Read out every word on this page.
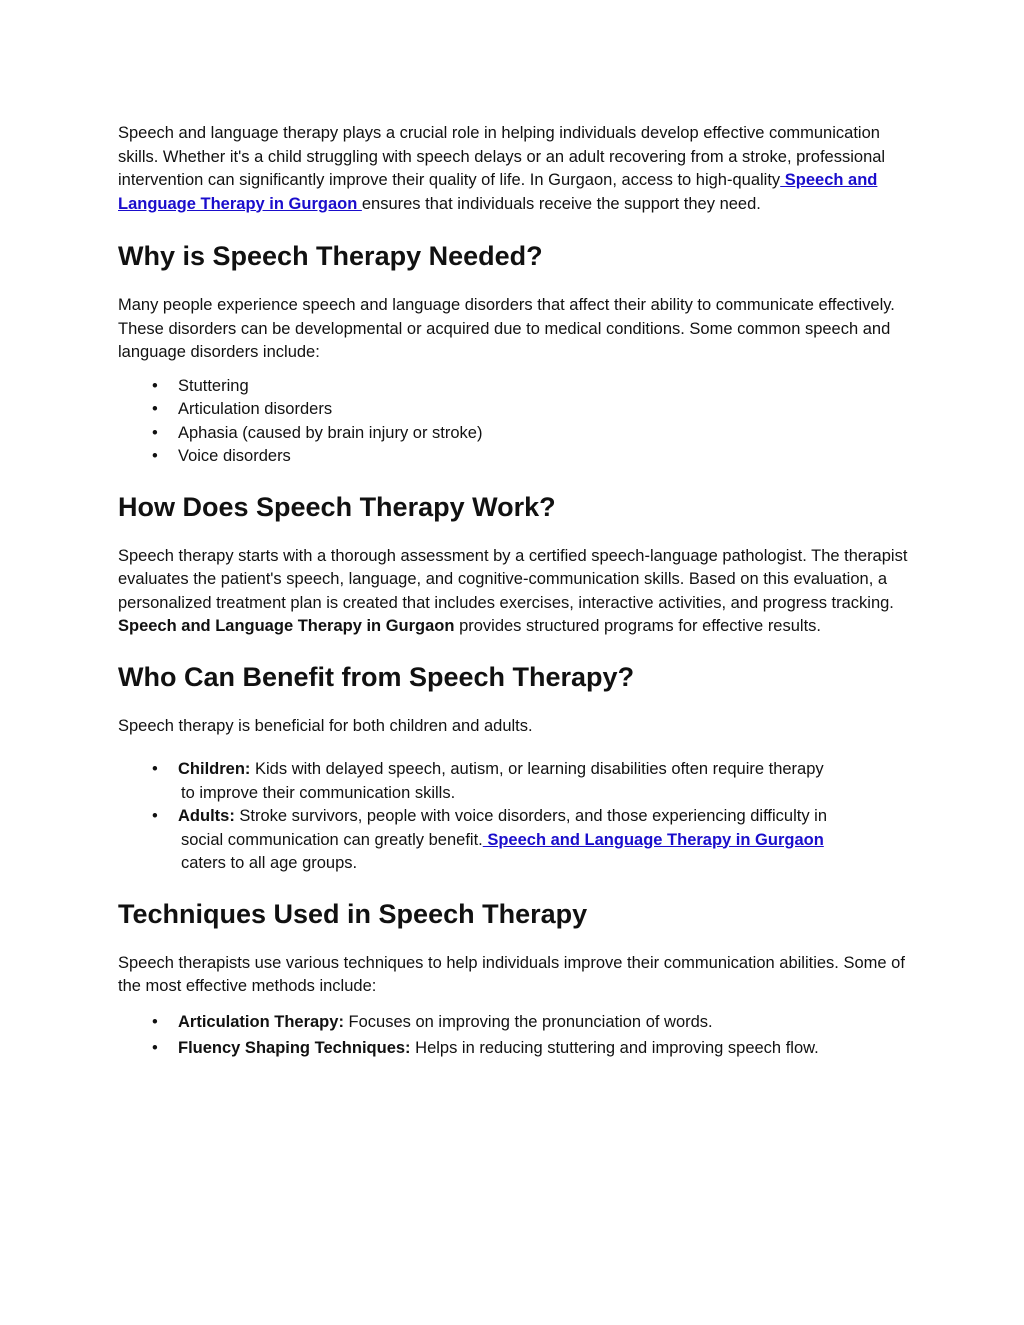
Speech and language therapy plays a crucial role in helping individuals develop effective communication skills. Whether it's a child struggling with speech delays or an adult recovering from a stroke, professional intervention can significantly improve their quality of life. In Gurgaon, access to high-quality Speech and Language Therapy in Gurgaon ensures that individuals receive the support they need.

Why is Speech Therapy Needed?

Many people experience speech and language disorders that affect their ability to communicate effectively. These disorders can be developmental or acquired due to medical conditions. Some common speech and language disorders include:

• Stuttering
• Articulation disorders
• Aphasia (caused by brain injury or stroke)
• Voice disorders
How Does Speech Therapy Work?

Speech therapy starts with a thorough assessment by a certified speech-language pathologist. The therapist evaluates the patient's speech, language, and cognitive-communication skills. Based on this evaluation, a personalized treatment plan is created that includes exercises, interactive activities, and progress tracking. Speech and Language Therapy in Gurgaon provides structured programs for effective results.

Who Can Benefit from Speech Therapy?

Speech therapy is beneficial for both children and adults.

• Children: Kids with delayed speech, autism, or learning disabilities often require therapy
to improve their communication skills.
• Adults: Stroke survivors, people with voice disorders, and those experiencing difficulty in
social communication can greatly benefit. Speech and Language Therapy in Gurgaon
caters to all age groups.
Techniques Used in Speech Therapy

Speech therapists use various techniques to help individuals improve their communication abilities. Some of the most effective methods include:

• Articulation Therapy: Focuses on improving the pronunciation of words.
• Fluency Shaping Techniques: Helps in reducing stuttering and improving speech flow.
